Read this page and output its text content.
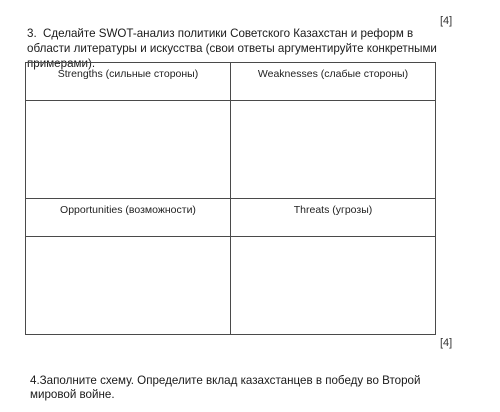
[4]
3. Сделайте SWOT-анализ политики Советского Казахстан и реформ в области литературы и искусства (свои ответы аргументируйте конкретными примерами).
Strengths (сильные стороны)	Weaknesses (слабые стороны)

Opportunities (возможности)	Threats (угрозы)

[4]
4.Заполните схему. Определите вклад казахстанцев в победу во Второй мировой войне.
